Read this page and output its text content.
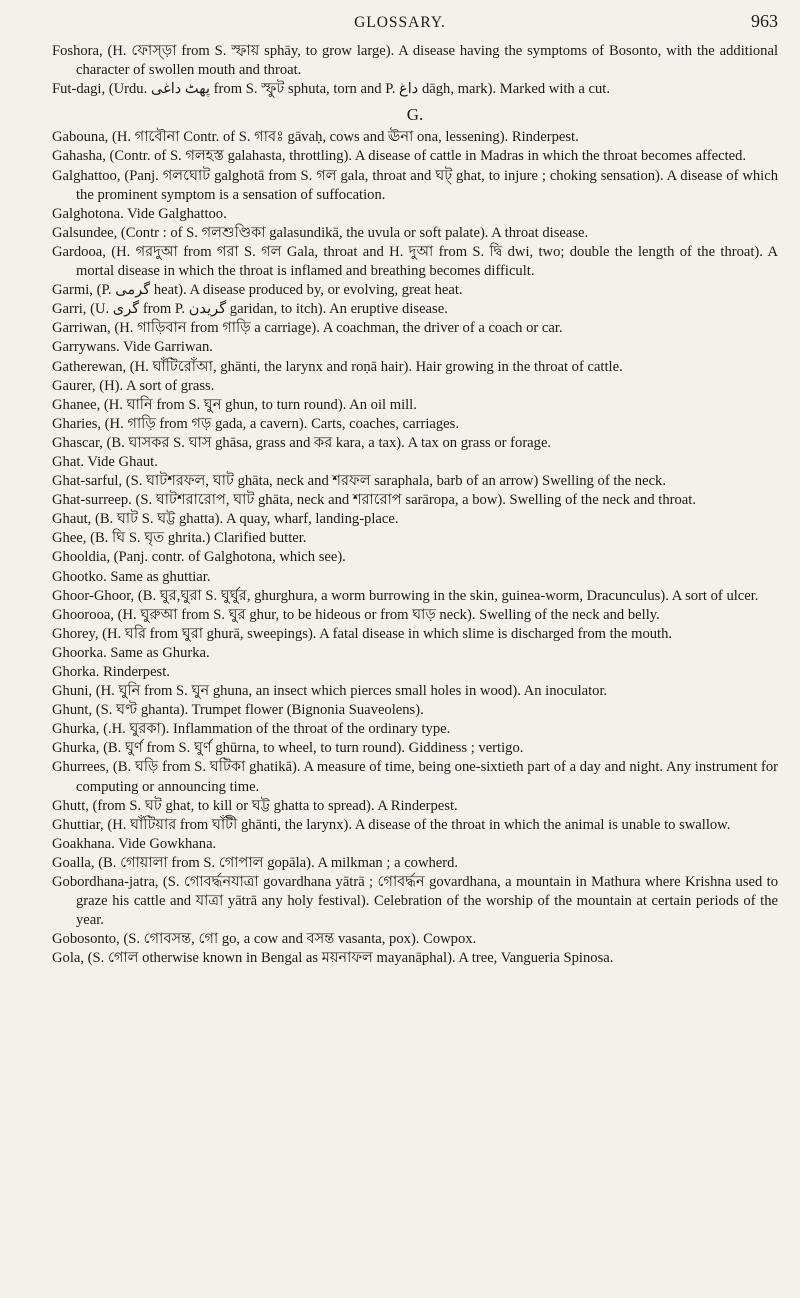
GLOSSARY.	963

Foshora, (H. ফোস্‌ড়া from S. স্ফায় sphāy, to grow large). A disease having the symptoms of Bosonto, with the additional character of swollen mouth and throat.

Fut-dagi, (Urdu. پهٹ داغی from S. স্ফুট sphuta, torn and P. داغ dāgh, mark). Marked with a cut.

G.

Gabouna, (H. গাবৌনা Contr. of S. গাবঃ gāvaḥ, cows and ঊনা ona, lessening). Rinderpest.

Gahasha, (Contr. of S. গলহস্ত galahasta, throttling). A disease of cattle in Madras in which the throat becomes affected.

Galghattoo, (Panj. গলঘোট galghotā from S. গল gala, throat and ঘট্‌ ghat, to injure ; choking sensation). A disease of which the prominent symptom is a sensation of suffocation.

Galghotona. Vide Galghattoo.

Galsundee, (Contr : of S. গলশুণ্ডিকা galasundikā, the uvula or soft palate). A throat disease.

Gardooa, (H. গরদুআ from গরা S. গল Gala, throat and H. দুআ from S. দ্বি dwi, two; double the length of the throat). A mortal disease in which the throat is inflamed and breathing becomes difficult.

Garmi, (P. گرمی heat). A disease produced by, or evolving, great heat.

Garri, (U. گری from P. گریدن garidan, to itch). An eruptive disease.

Garriwan, (H. গাড়িবান from গাড়ি a carriage). A coachman, the driver of a coach or car.

Garrywans. Vide Garriwan.

Gatherewan, (H. ঘাঁটিরোঁআ, ghānti, the larynx and roṇā hair). Hair growing in the throat of cattle.

Gaurer, (H). A sort of grass.

Ghanee, (H. ঘানি from S. ঘুন ghun, to turn round). An oil mill.

Gharies, (H. গাড়ি from গড় gada, a cavern). Carts, coaches, carriages.

Ghascar, (B. ঘাসকর S. ঘাস ghāsa, grass and কর kara, a tax). A tax on grass or forage.

Ghat. Vide Ghaut.

Ghat-sarful, (S. ঘাটশরফল, ঘাট ghāta, neck and শরফল saraphala, barb of an arrow) Swelling of the neck.

Ghat-surreep. (S. ঘাটশরারোপ, ঘাট ghāta, neck and শরারোপ sarāropa, a bow). Swelling of the neck and throat.

Ghaut, (B. ঘাট S. ঘট্ট ghatta). A quay, wharf, landing-place.

Ghee, (B. ঘি S. ঘৃত ghrita.) Clarified butter.

Ghooldia, (Panj. contr. of Galghotona, which see).

Ghootko. Same as ghuttiar.

Ghoor-Ghoor, (B. ঘুর,ঘুরা S. ঘুর্ঘুর, ghurghura, a worm burrowing in the skin, guinea-worm, Dracunculus). A sort of ulcer.

Ghoorooa, (H. ঘুরুআ from S. ঘুর ghur, to be hideous or from ঘাড় neck). Swelling of the neck and belly.

Ghorey, (H. ঘরি from ঘুরা ghurā, sweepings). A fatal disease in which slime is discharged from the mouth.

Ghoorka. Same as Ghurka.

Ghorka. Rinderpest.

Ghuni, (H. ঘুনি from S. ঘুন ghuna, an insect which pierces small holes in wood). An inoculator.

Ghunt, (S. ঘণ্ট ghanta). Trumpet flower (Bignonia Suaveolens).

Ghurka, (.H. ঘুরকা). Inflammation of the throat of the ordinary type.

Ghurka, (B. ঘুর্ণ from S. ঘুর্ণ ghūrna, to wheel, to turn round). Giddiness ; vertigo.

Ghurrees, (B. ঘড়ি from S. ঘটিকা ghatikā). A measure of time, being one-sixtieth part of a day and night. Any instrument for computing or announcing time.

Ghutt, (from S. ঘট ghat, to kill or ঘট্ট ghatta to spread). A Rinderpest.

Ghuttiar, (H. ঘাঁটিয়ার from ঘাঁটী ghānti, the larynx). A disease of the throat in which the animal is unable to swallow.

Goakhana. Vide Gowkhana.

Goalla, (B. গোয়ালা from S. গোপাল gopāla). A milkman ; a cowherd.

Gobordhana-jatra, (S. গোবর্দ্ধনযাত্রা govardhana yātrā ; গোবর্দ্ধন govardhana, a mountain in Mathura where Krishna used to graze his cattle and যাত্রা yātrā any holy festival). Celebration of the worship of the mountain at certain periods of the year.

Gobosonto, (S. গোবসন্ত, গো go, a cow and বসন্ত vasanta, pox). Cowpox.

Gola, (S. গোল otherwise known in Bengal as ময়নাফল mayanāphal). A tree, Vangueria Spinosa.
